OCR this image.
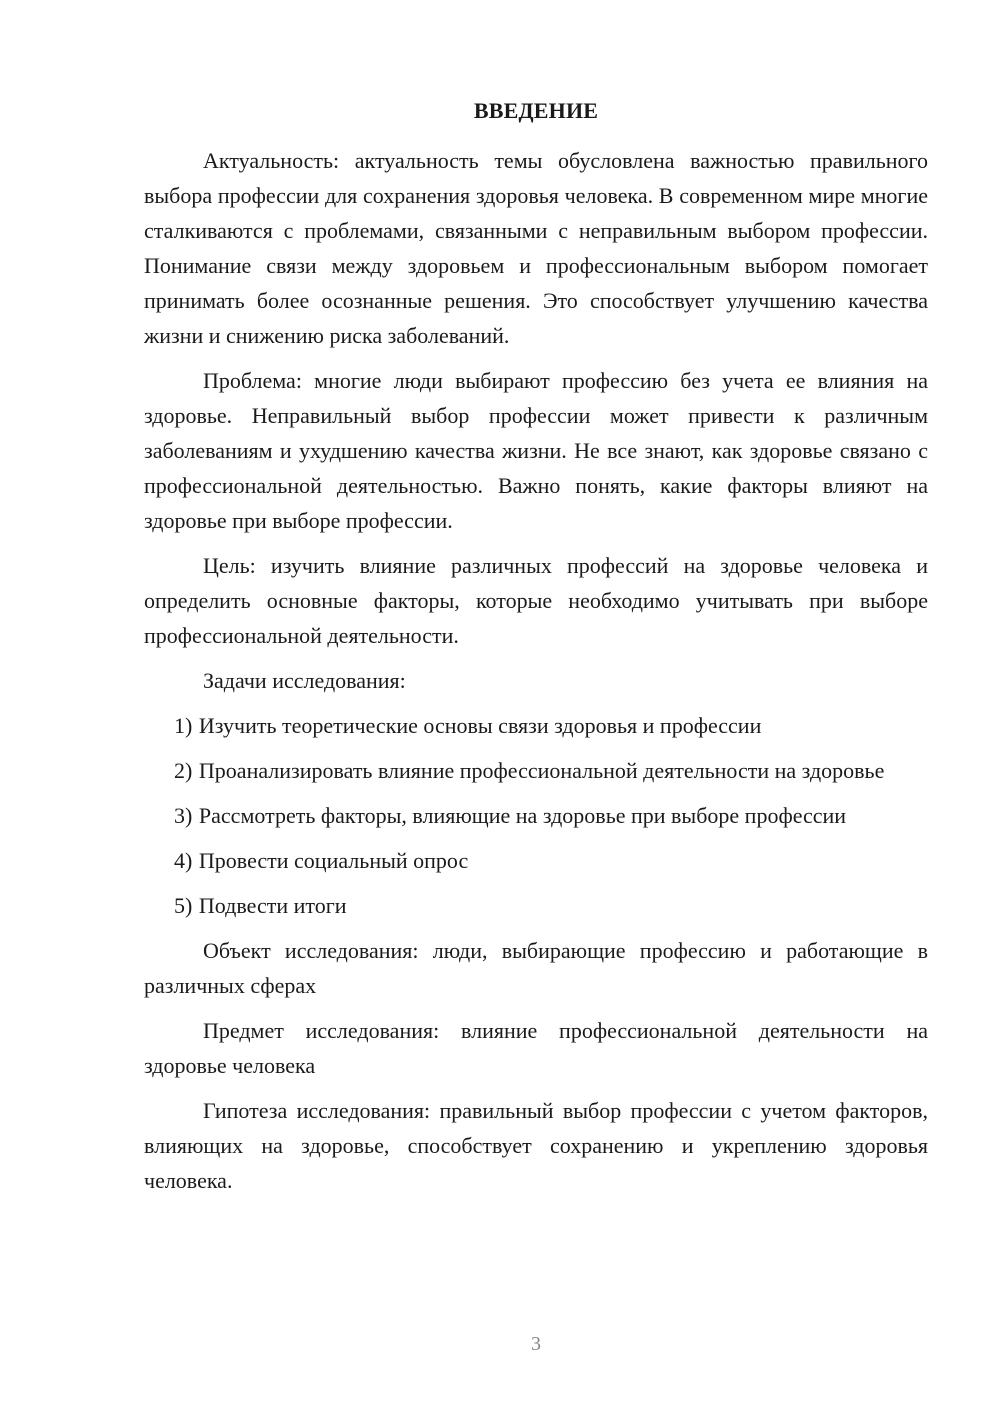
ВВЕДЕНИЕ

Актуальность: актуальность темы обусловлена важностью правильного выбора профессии для сохранения здоровья человека. В современном мире многие сталкиваются с проблемами, связанными с неправильным выбором профессии. Понимание связи между здоровьем и профессиональным выбором помогает принимать более осознанные решения. Это способствует улучшению качества жизни и снижению риска заболеваний.

Проблема: многие люди выбирают профессию без учета ее влияния на здоровье. Неправильный выбор профессии может привести к различным заболеваниям и ухудшению качества жизни. Не все знают, как здоровье связано с профессиональной деятельностью. Важно понять, какие факторы влияют на здоровье при выборе профессии.

Цель: изучить влияние различных профессий на здоровье человека и определить основные факторы, которые необходимо учитывать при выборе профессиональной деятельности.

Задачи исследования:

1) Изучить теоретические основы связи здоровья и профессии

2) Проанализировать влияние профессиональной деятельности на здоровье

3) Рассмотреть факторы, влияющие на здоровье при выборе профессии

4) Провести социальный опрос

5) Подвести итоги

Объект исследования: люди, выбирающие профессию и работающие в различных сферах

Предмет исследования: влияние профессиональной деятельности на здоровье человека

Гипотеза исследования: правильный выбор профессии с учетом факторов, влияющих на здоровье, способствует сохранению и укреплению здоровья человека.

3
